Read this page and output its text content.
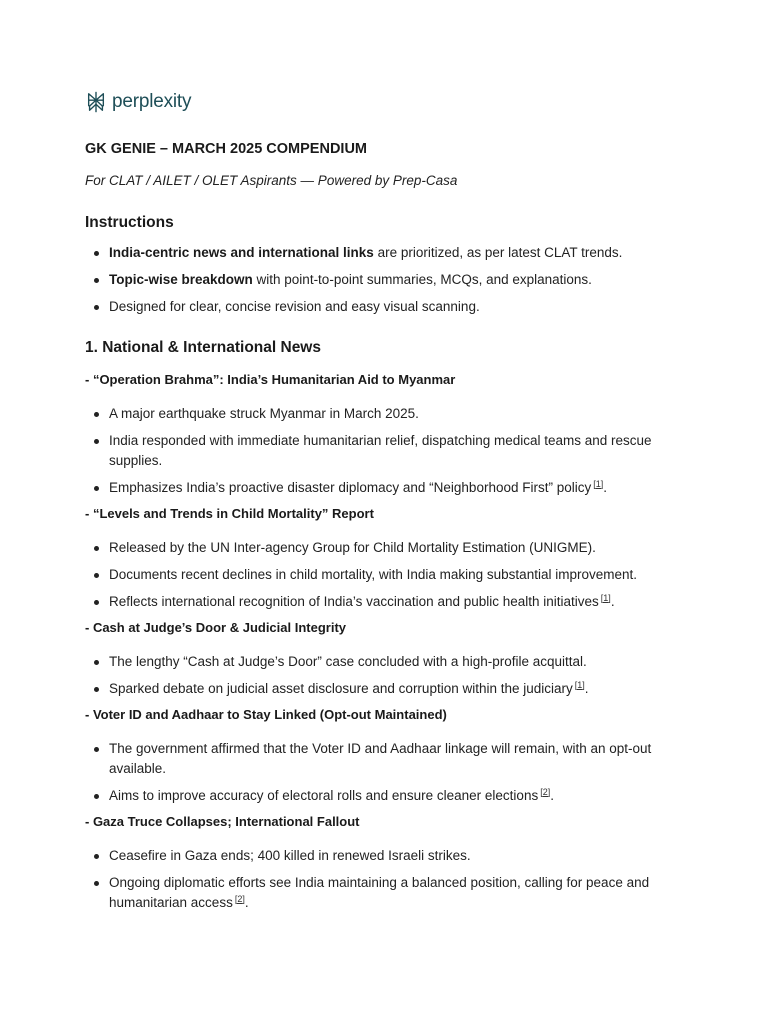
perplexity
GK GENIE – MARCH 2025 COMPENDIUM

For CLAT / AILET / OLET Aspirants — Powered by Prep-Casa

Instructions
India-centric news and international links are prioritized, as per latest CLAT trends.
Topic-wise breakdown with point-to-point summaries, MCQs, and explanations.
Designed for clear, concise revision and easy visual scanning.
1. National & International News
- “Operation Brahma”: India’s Humanitarian Aid to Myanmar
A major earthquake struck Myanmar in March 2025.
India responded with immediate humanitarian relief, dispatching medical teams and rescue supplies.
Emphasizes India’s proactive disaster diplomacy and “Neighborhood First” policy [1].
- “Levels and Trends in Child Mortality” Report
Released by the UN Inter-agency Group for Child Mortality Estimation (UNIGME).
Documents recent declines in child mortality, with India making substantial improvement.
Reflects international recognition of India’s vaccination and public health initiatives [1].
- Cash at Judge’s Door & Judicial Integrity
The lengthy “Cash at Judge’s Door” case concluded with a high-profile acquittal.
Sparked debate on judicial asset disclosure and corruption within the judiciary [1].
- Voter ID and Aadhaar to Stay Linked (Opt-out Maintained)
The government affirmed that the Voter ID and Aadhaar linkage will remain, with an opt-out available.
Aims to improve accuracy of electoral rolls and ensure cleaner elections [2].
- Gaza Truce Collapses; International Fallout
Ceasefire in Gaza ends; 400 killed in renewed Israeli strikes.
Ongoing diplomatic efforts see India maintaining a balanced position, calling for peace and humanitarian access [2].
